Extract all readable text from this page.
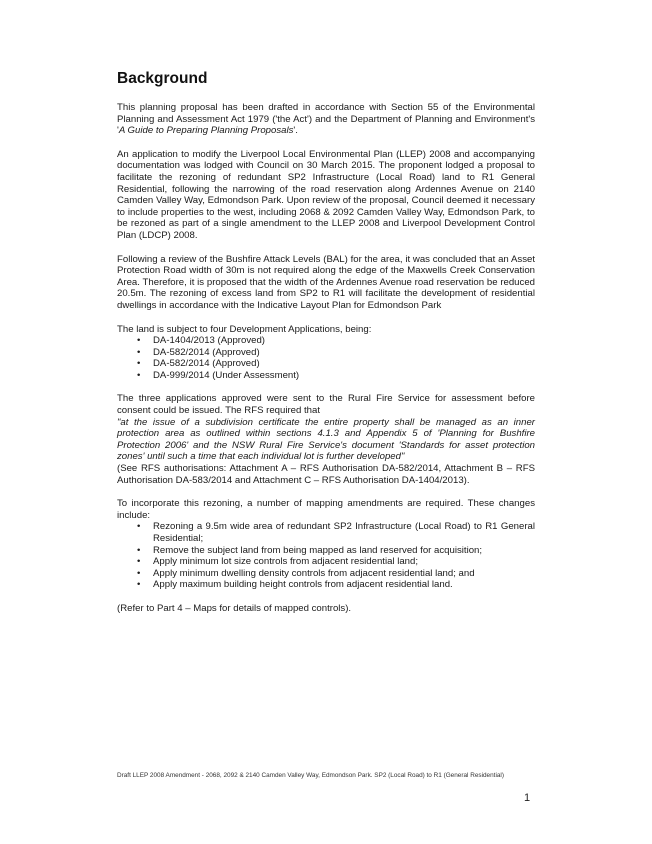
Background

This planning proposal has been drafted in accordance with Section 55 of the Environmental Planning and Assessment Act 1979 ('the Act') and the Department of Planning and Environment's 'A Guide to Preparing Planning Proposals'.

An application to modify the Liverpool Local Environmental Plan (LLEP) 2008 and accompanying documentation was lodged with Council on 30 March 2015. The proponent lodged a proposal to facilitate the rezoning of redundant SP2 Infrastructure (Local Road) land to R1 General Residential, following the narrowing of the road reservation along Ardennes Avenue on 2140 Camden Valley Way, Edmondson Park. Upon review of the proposal, Council deemed it necessary to include properties to the west, including 2068 & 2092 Camden Valley Way, Edmondson Park, to be rezoned as part of a single amendment to the LLEP 2008 and Liverpool Development Control Plan (LDCP) 2008.

Following a review of the Bushfire Attack Levels (BAL) for the area, it was concluded that an Asset Protection Road width of 30m is not required along the edge of the Maxwells Creek Conservation Area. Therefore, it is proposed that the width of the Ardennes Avenue road reservation be reduced 20.5m. The rezoning of excess land from SP2 to R1 will facilitate the development of residential dwellings in accordance with the Indicative Layout Plan for Edmondson Park

The land is subject to four Development Applications, being:

• DA-1404/2013 (Approved)
• DA-582/2014 (Approved)
• DA-582/2014 (Approved)
• DA-999/2014 (Under Assessment)

The three applications approved were sent to the Rural Fire Service for assessment before consent could be issued. The RFS required that
"at the issue of a subdivision certificate the entire property shall be managed as an inner protection area as outlined within sections 4.1.3 and Appendix 5 of 'Planning for Bushfire Protection 2006' and the NSW Rural Fire Service's document 'Standards for asset protection zones' until such a time that each individual lot is further developed"
(See RFS authorisations: Attachment A – RFS Authorisation DA-582/2014, Attachment B – RFS Authorisation DA-583/2014 and Attachment C – RFS Authorisation DA-1404/2013).

To incorporate this rezoning, a number of mapping amendments are required. These changes include:

• Rezoning a 9.5m wide area of redundant SP2 Infrastructure (Local Road) to R1 General Residential;
• Remove the subject land from being mapped as land reserved for acquisition;
• Apply minimum lot size controls from adjacent residential land;
• Apply minimum dwelling density controls from adjacent residential land; and
• Apply maximum building height controls from adjacent residential land.

(Refer to Part 4 – Maps for details of mapped controls).

Draft LLEP 2008 Amendment - 2068, 2092 & 2140 Camden Valley Way, Edmondson Park. SP2 (Local Road) to R1 (General Residential)
1
